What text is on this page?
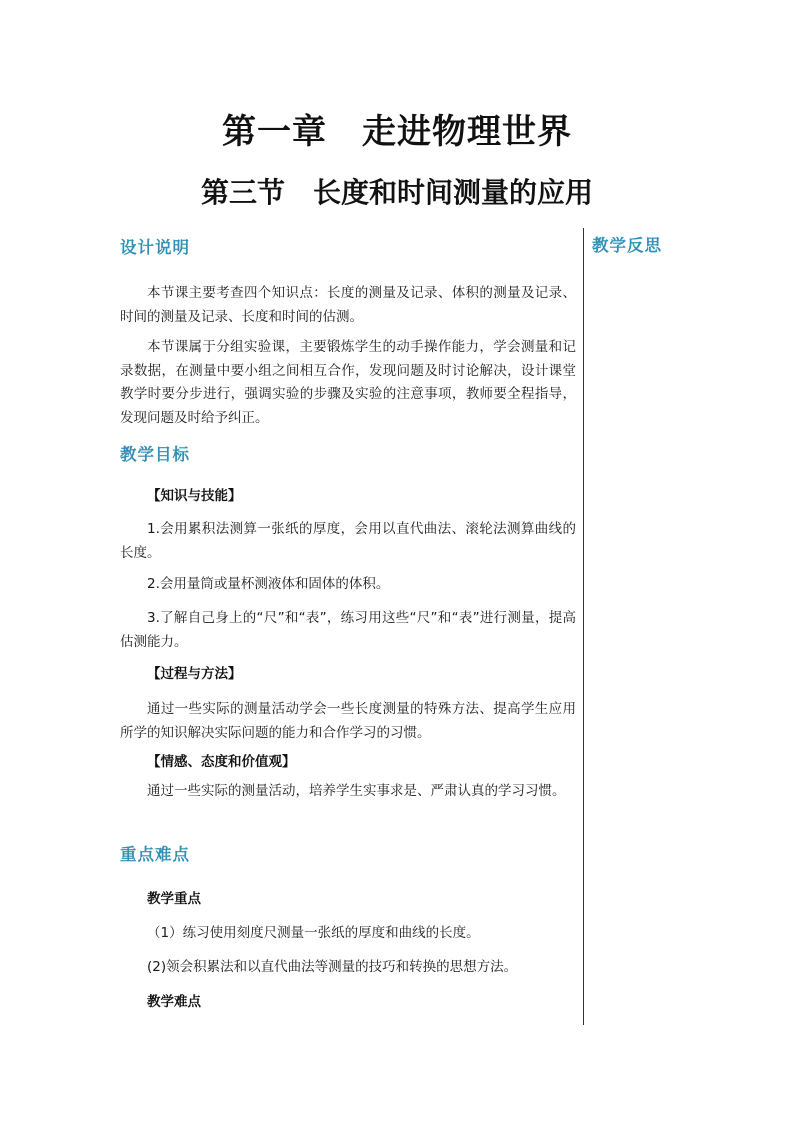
第一章　走进物理世界
第三节　长度和时间测量的应用
教学反思
设计说明

本节课主要考查四个知识点：长度的测量及记录、体积的测量及记录、时间的测量及记录、长度和时间的估测。

本节课属于分组实验课，主要锻炼学生的动手操作能力，学会测量和记录数据，在测量中要小组之间相互合作，发现问题及时讨论解决，设计课堂教学时要分步进行，强调实验的步骤及实验的注意事项，教师要全程指导，发现问题及时给予纠正。

教学目标
【知识与技能】

1.会用累积法测算一张纸的厚度，会用以直代曲法、滚轮法测算曲线的长度。

2.会用量筒或量杯测液体和固体的体积。

3.了解自己身上的“尺”和“表”，练习用这些“尺”和“表”进行测量，提高估测能力。

【过程与方法】

通过一些实际的测量活动学会一些长度测量的特殊方法、提高学生应用所学的知识解决实际问题的能力和合作学习的习惯。

【情感、态度和价值观】

通过一些实际的测量活动，培养学生实事求是、严肃认真的学习习惯。

重点难点
教学重点

（1）练习使用刻度尺测量一张纸的厚度和曲线的长度。

(2)领会积累法和以直代曲法等测量的技巧和转换的思想方法。

教学难点
